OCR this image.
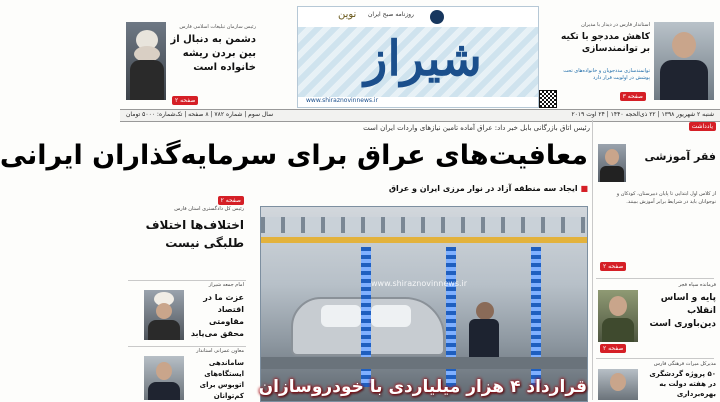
رئیس سازمان تبلیغات اسلامی فارس
دشمن به دنبال از بین بردن ریشه خانواده است
صفحه ۲
روزنامه صبح ایران
نوین
شیراز
www.shiraznovinnews.ir
استاندار فارس در دیدار با مدیران
کاهش مددجو با تکیه بر توانمندسازی
توانمندسازی مددجویان و خانواده‌های تحت پوشش در اولویت قرار دارد
صفحه ۳
شنبه ۲ شهریور ۱۳۹۸ | ۲۲ ذی‌الحجه ۱۴۴۰ | ۲۴ اوت ۲۰۱۹
سال سوم | شماره ۷۸۲ | ۸ صفحه | تک‌شماره: ۵۰۰۰ تومان
رئیس اتاق بازرگانی بابل خبر داد: عراق آماده تامین نیازهای واردات ایران است
معافیت‌های عراق برای سرمایه‌گذاران ایرانی
■ ایجاد سه منطقه آزاد در نوار مرزی ایران و عراق
یادداشت
فقر آموزشی
از کلاس اول ابتدایی تا پایان دبیرستان، کودکان و نوجوانان باید در شرایط برابر آموزش ببینند.
صفحه ۲
فرمانده سپاه فجر
پایه و اساس انقلاب دین‌باوری است
صفحه ۲
مدیرکل میراث فرهنگی فارس
۵۰ پروژه گردشگری در هفته دولت به بهره‌برداری
صفحه ۲
رئیس کل دادگستری استان فارس
اختلاف‌ها اختلاف طلبگی نیست
امام جمعه شیراز
عزت ما در اقتصاد مقاومتی محقق می‌یابد
معاون عمرانی استاندار
ساماندهی ایستگاه‌های اتوبوس برای کم‌توانان
www.shiraznovinnews.ir
قرارداد ۴ هزار میلیاردی با خودروسازان
